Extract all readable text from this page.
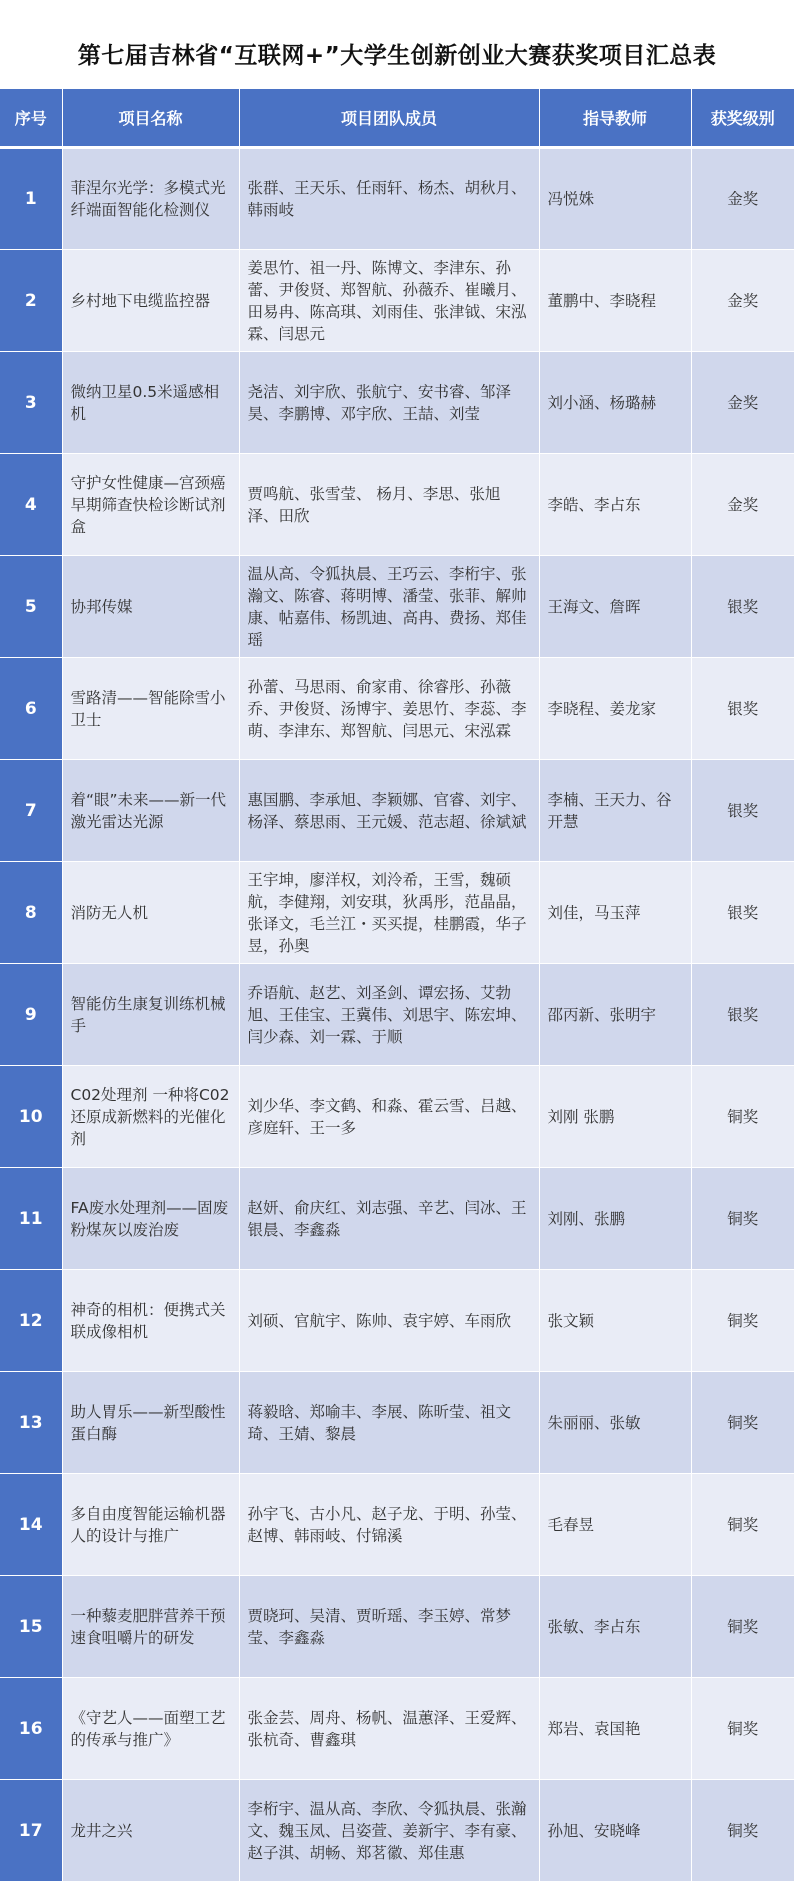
第七届吉林省“互联网+”大学生创新创业大赛获奖项目汇总表
序号	项目名称	项目团队成员	指导教师	获奖级别
1	菲涅尔光学：多模式光纤端面智能化检测仪	张群、王天乐、任雨轩、杨杰、胡秋月、韩雨岐	冯悦姝	金奖
2	乡村地下电缆监控器	姜思竹、祖一丹、陈博文、李津东、孙蕾、尹俊贤、郑智航、孙薇乔、崔曦月、田易冉、陈高琪、刘雨佳、张津钺、宋泓霖、闫思元	董鹏中、李晓程	金奖
3	微纳卫星0.5米遥感相机	尧洁、刘宇欣、张航宁、安书睿、邹泽昊、李鹏博、邓宇欣、王喆、刘莹	刘小涵、杨璐赫	金奖
4	守护女性健康—宫颈癌早期筛查快检诊断试剂盒	贾鸣航、张雪莹、 杨月、李思、张旭泽、田欣	李皓、李占东	金奖
5	协邦传媒	温从高、令狐执晨、王巧云、李桁宇、张瀚文、陈睿、蒋明博、潘莹、张菲、解帅康、帖嘉伟、杨凯迪、高冉、费扬、郑佳瑶	王海文、詹晖	银奖
6	雪路清——智能除雪小卫士	孙蕾、马思雨、俞家甫、徐睿彤、孙薇乔、尹俊贤、汤博宇、姜思竹、李蕊、李萌、李津东、郑智航、闫思元、宋泓霖	李晓程、姜龙家	银奖
7	着“眼”未来——新一代激光雷达光源	惠国鹏、李承旭、李颖娜、官睿、刘宇、杨泽、蔡思雨、王元媛、范志超、徐斌斌	李楠、王天力、谷开慧	银奖
8	消防无人机	王宇坤，廖洋权，刘泠希，王雪，魏硕航，李健翔，刘安琪，狄禹彤，范晶晶，张译文，毛兰江・买买提，桂鹏霞，华子昱，孙奥	刘佳，马玉萍	银奖
9	智能仿生康复训练机械手	乔语航、赵艺、刘圣剑、谭宏扬、艾勃旭、王佳宝、王冀伟、刘思宇、陈宏坤、闫少森、刘一霖、于顺	邵丙新、张明宇	银奖
10	C02处理剂 一种将C02还原成新燃料的光催化剂	刘少华、李文鹤、和淼、霍云雪、吕越、彦庭轩、王一多	刘刚 张鹏	铜奖
11	FA废水处理剂——固废粉煤灰以废治废	赵妍、俞庆红、刘志强、辛艺、闫冰、王银晨、李鑫淼	刘刚、张鹏	铜奖
12	神奇的相机：便携式关联成像相机	刘硕、官航宇、陈帅、袁宇婷、车雨欣	张文颖	铜奖
13	助人胃乐——新型酸性蛋白酶	蒋毅晗、郑喻丰、李展、陈昕莹、祖文琦、王婧、黎晨	朱丽丽、张敏	铜奖
14	多自由度智能运输机器人的设计与推广	孙宇飞、古小凡、赵子龙、于明、孙莹、赵博、韩雨岐、付锦溪	毛春昱	铜奖
15	一种藜麦肥胖营养干预速食咀嚼片的研发	贾晓珂、吴清、贾昕瑶、李玉婷、常梦莹、李鑫淼	张敏、李占东	铜奖
16	《守艺人——面塑工艺的传承与推广》	张金芸、周舟、杨帆、温蕙泽、王爱辉、张杭奇、曹鑫琪	郑岩、袁国艳	铜奖
17	龙井之兴	李桁宇、温从高、李欣、令狐执晨、张瀚文、魏玉凤、吕姿萱、姜新宇、李有豪、赵子淇、胡畅、郑茗徽、郑佳惠	孙旭、安晓峰	铜奖
